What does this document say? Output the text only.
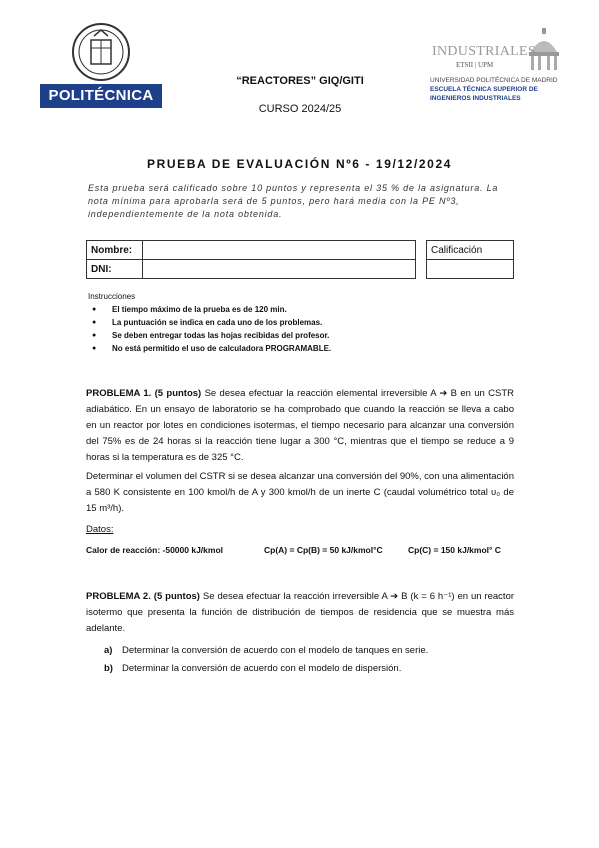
POLITÉCNICA
“REACTORES” GIQ/GITI
CURSO 2024/25
INDUSTRIALES
ETSII | UPM
UNIVERSIDAD POLITÉCNICA DE MADRID
ESCUELA TÉCNICA SUPERIOR DE
INGENIEROS INDUSTRIALES
PRUEBA DE EVALUACIÓN Nº6 - 19/12/2024
Esta prueba será calificado sobre 10 puntos y representa el 35 % de la asignatura. La nota mínima para aprobarla será de 5 puntos, pero hará media con la PE Nº3, independientemente de la nota obtenida.
Nombre:	
DNI:	
Calificación

Instrucciones
● El tiempo máximo de la prueba es de 120 min.
● La puntuación se indica en cada uno de los problemas.
● Se deben entregar todas las hojas recibidas del profesor.
● No está permitido el uso de calculadora PROGRAMABLE.
PROBLEMA 1. (5 puntos) Se desea efectuar la reacción elemental irreversible A ➔ B en un CSTR adiabático. En un ensayo de laboratorio se ha comprobado que cuando la reacción se lleva a cabo en un reactor por lotes en condiciones isotermas, el tiempo necesario para alcanzar una conversión del 75% es de 24 horas si la reacción tiene lugar a 300 °C, mientras que el tiempo se reduce a 9 horas si la temperatura es de 325 °C.
Determinar el volumen del CSTR si se desea alcanzar una conversión del 90%, con una alimentación a 580 K consistente en 100 kmol/h de A y 300 kmol/h de un inerte C (caudal volumétrico total υ₀ de 15 m³/h).
Datos:
Calor de reacción: -50000 kJ/kmol	Cp(A) = Cp(B) = 50 kJ/kmol°C	Cp(C) = 150 kJ/kmol° C
PROBLEMA 2. (5 puntos) Se desea efectuar la reacción irreversible A ➔ B (k = 6 h⁻¹) en un reactor isotermo que presenta la función de distribución de tiempos de residencia que se muestra más adelante.
a) Determinar la conversión de acuerdo con el modelo de tanques en serie.
b) Determinar la conversión de acuerdo con el modelo de dispersión.
